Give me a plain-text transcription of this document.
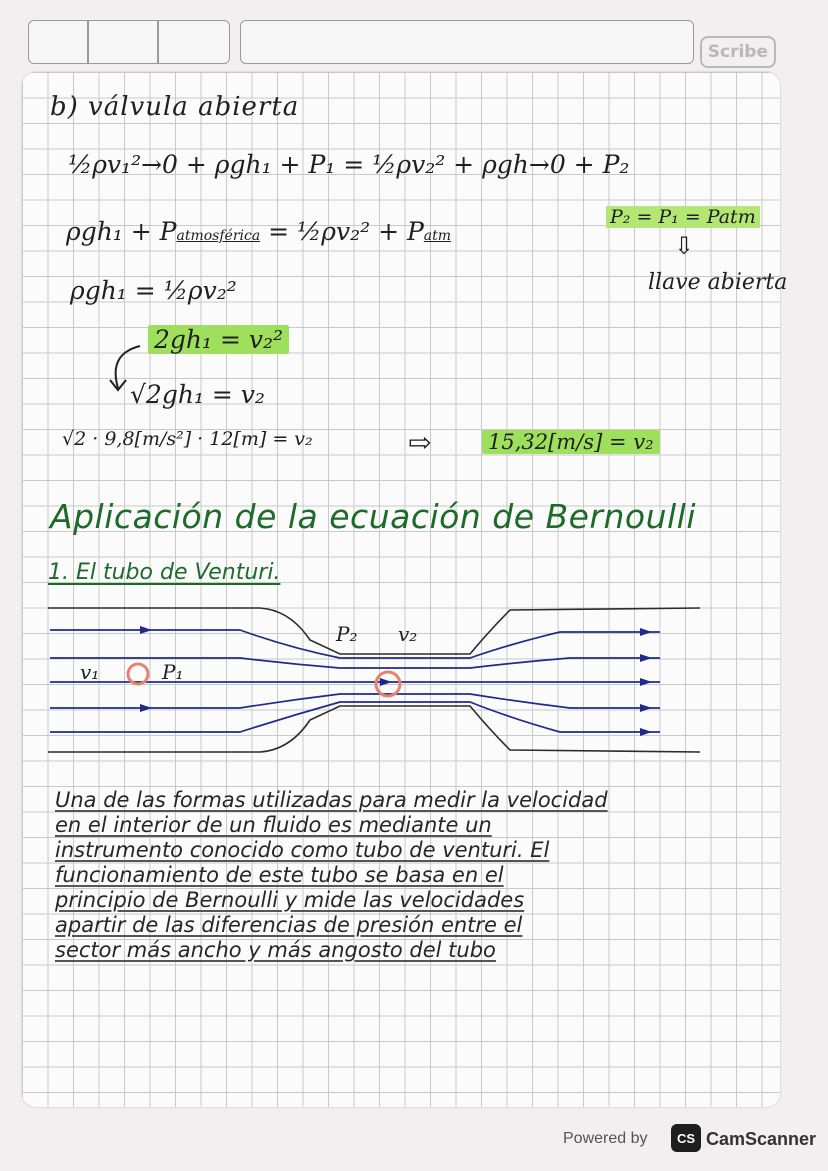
Scribe
b) válvula abierta
½ρv₁²→0 + ρgh₁ + P₁ = ½ρv₂² + ρgh→0 + P₂
ρgh₁ + Patmosférica = ½ρv₂² + Patm
P₂ = P₁ = Patm
⇩
llave abierta
ρgh₁ = ½ρv₂²
2gh₁ = v₂²
√2gh₁ = v₂
√2 · 9,8[m/s²] · 12[m] = v₂	⇨	15,32[m/s] = v₂
Aplicación de la ecuación de Bernoulli
1. El tubo de Venturi.
P₂ v₂
v₁	P₁
Una de las formas utilizadas para medir la velocidad
en el interior de un fluido es mediante un
instrumento conocido como tubo de venturi. El
funcionamiento de este tubo se basa en el
principio de Bernoulli y mide las velocidades
apartir de las diferencias de presión entre el
sector más ancho y más angosto del tubo
Powered by	CS CamScanner
